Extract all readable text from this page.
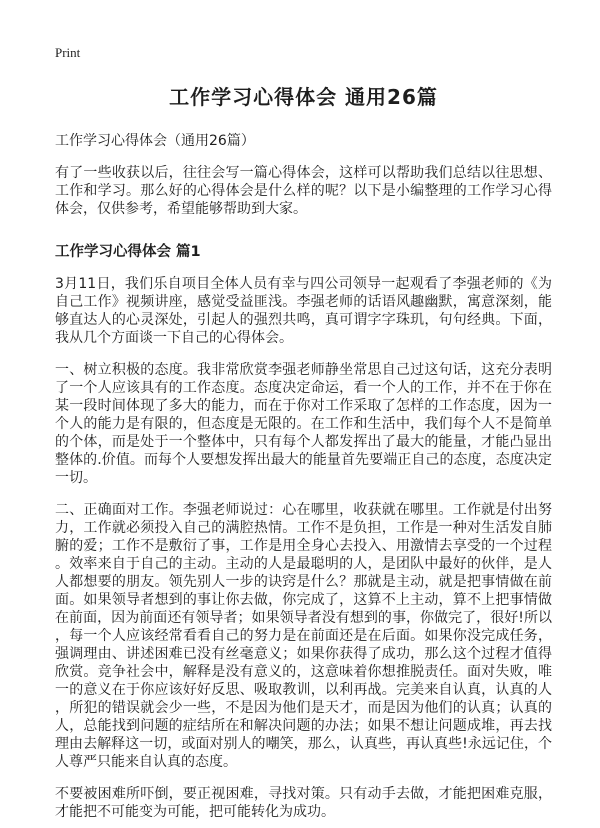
Print
工作学习心得体会 通用26篇
工作学习心得体会（通用26篇）

有了一些收获以后，往往会写一篇心得体会，这样可以帮助我们总结以往思想、工作和学习。那么好的心得体会是什么样的呢？以下是小编整理的工作学习心得体会，仅供参考，希望能够帮助到大家。

工作学习心得体会 篇1

3月11日，我们乐自项目全体人员有幸与四公司领导一起观看了李强老师的《为自己工作》视频讲座，感觉受益匪浅。李强老师的话语风趣幽默，寓意深刻，能够直达人的心灵深处，引起人的强烈共鸣，真可谓字字珠玑，句句经典。下面，我从几个方面谈一下自己的心得体会。

一、树立积极的态度。我非常欣赏李强老师静坐常思自己过这句话，这充分表明了一个人应该具有的工作态度。态度决定命运，看一个人的工作，并不在于你在某一段时间体现了多大的能力，而在于你对工作采取了怎样的工作态度，因为一个人的能力是有限的，但态度是无限的。在工作和生活中，我们每个人不是简单的个体，而是处于一个整体中，只有每个人都发挥出了最大的能量，才能凸显出整体的.价值。而每个人要想发挥出最大的能量首先要端正自己的态度，态度决定一切。

二、正确面对工作。李强老师说过：心在哪里，收获就在哪里。工作就是付出努力，工作就必须投入自己的满腔热情。工作不是负担，工作是一种对生活发自肺腑的爱；工作不是敷衍了事，工作是用全身心去投入、用激情去享受的一个过程。效率来自于自己的主动。主动的人是最聪明的人，是团队中最好的伙伴，是人人都想要的朋友。领先别人一步的诀窍是什么？那就是主动，就是把事情做在前面。如果领导者想到的事让你去做，你完成了，这算不上主动，算不上把事情做在前面，因为前面还有领导者；如果领导者没有想到的事，你做完了，很好!所以，每一个人应该经常看看自己的努力是在前面还是在后面。如果你没完成任务，强调理由、讲述困难已没有丝毫意义；如果你获得了成功，那么这个过程才值得欣赏。竞争社会中，解释是没有意义的，这意味着你想推脱责任。面对失败，唯一的意义在于你应该好好反思、吸取教训，以利再战。完美来自认真，认真的人，所犯的错误就会少一些，不是因为他们是天才，而是因为他们的认真；认真的人，总能找到问题的症结所在和解决问题的办法；如果不想让问题成堆，再去找理由去解释这一切，或面对别人的嘲笑，那么，认真些，再认真些!永远记住，个人尊严只能来自认真的态度。

不要被困难所吓倒，要正视困难，寻找对策。只有动手去做，才能把困难克服，才能把不可能变为可能，把可能转化为成功。
